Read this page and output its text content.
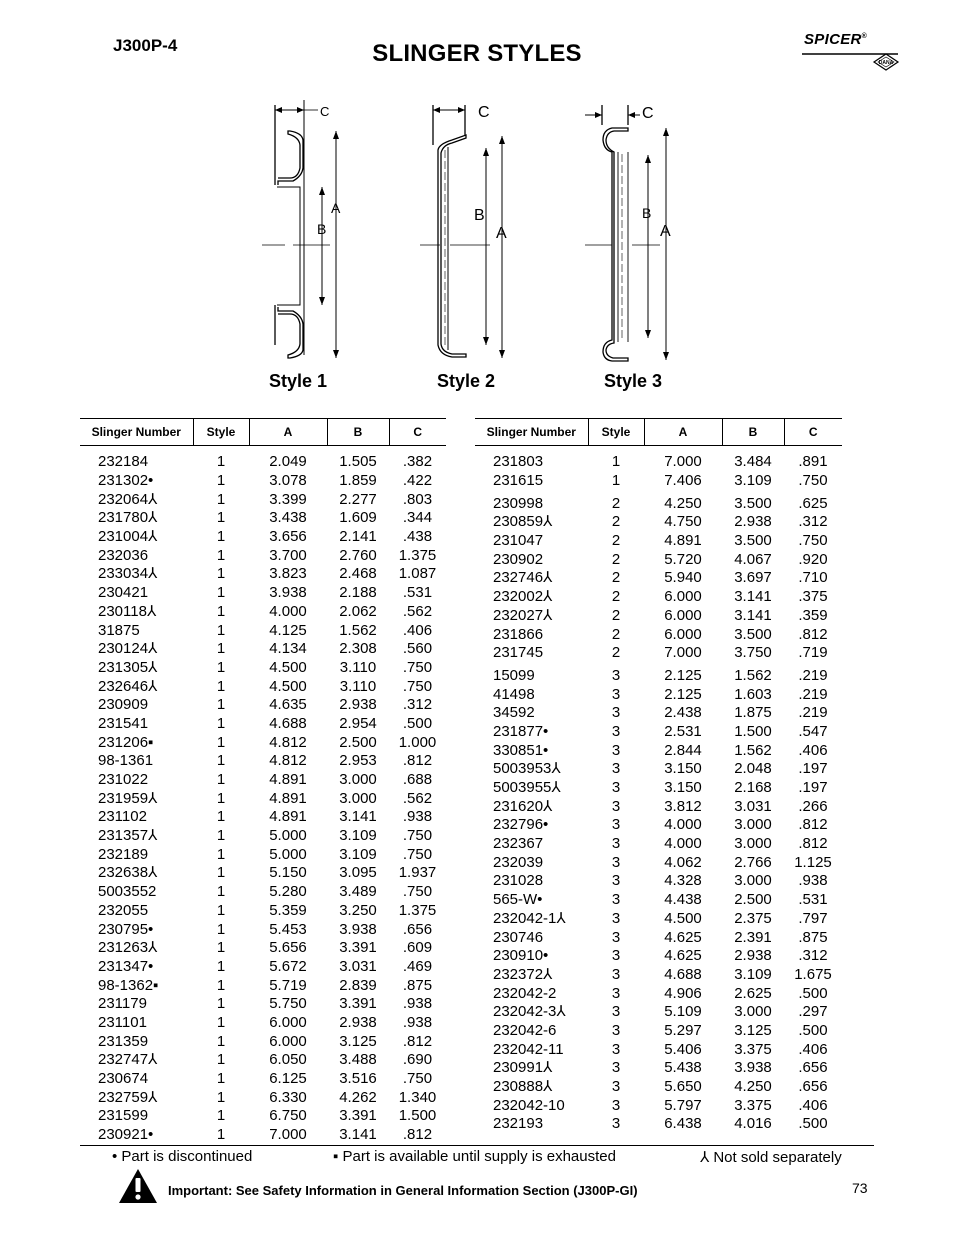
J300P-4	SLINGER STYLES
SPICER®
DANA
C
B
A
C
B
A
C
B
A
Style 1	Style 2	Style 3
Slinger Number	Style	A	B	C
232184	1	2.049	1.505	.382
231302•	1	3.078	1.859	.422
232064⅄	1	3.399	2.277	.803
231780⅄	1	3.438	1.609	.344
231004⅄	1	3.656	2.141	.438
232036	1	3.700	2.760	1.375
233034⅄	1	3.823	2.468	1.087
230421	1	3.938	2.188	.531
230118⅄	1	4.000	2.062	.562
31875	1	4.125	1.562	.406
230124⅄	1	4.134	2.308	.560
231305⅄	1	4.500	3.110	.750
232646⅄	1	4.500	3.110	.750
230909	1	4.635	2.938	.312
231541	1	4.688	2.954	.500
231206▪	1	4.812	2.500	1.000
98-1361	1	4.812	2.953	.812
231022	1	4.891	3.000	.688
231959⅄	1	4.891	3.000	.562
231102	1	4.891	3.141	.938
231357⅄	1	5.000	3.109	.750
232189	1	5.000	3.109	.750
232638⅄	1	5.150	3.095	1.937
5003552	1	5.280	3.489	.750
232055	1	5.359	3.250	1.375
230795•	1	5.453	3.938	.656
231263⅄	1	5.656	3.391	.609
231347•	1	5.672	3.031	.469
98-1362▪	1	5.719	2.839	.875
231179	1	5.750	3.391	.938
231101	1	6.000	2.938	.938
231359	1	6.000	3.125	.812
232747⅄	1	6.050	3.488	.690
230674	1	6.125	3.516	.750
232759⅄	1	6.330	4.262	1.340
231599	1	6.750	3.391	1.500
230921•	1	7.000	3.141	.812
Slinger Number	Style	A	B	C
231803	1	7.000	3.484	.891
231615	1	7.406	3.109	.750
230998	2	4.250	3.500	.625
230859⅄	2	4.750	2.938	.312
231047	2	4.891	3.500	.750
230902	2	5.720	4.067	.920
232746⅄	2	5.940	3.697	.710
232002⅄	2	6.000	3.141	.375
232027⅄	2	6.000	3.141	.359
231866	2	6.000	3.500	.812
231745	2	7.000	3.750	.719
15099	3	2.125	1.562	.219
41498	3	2.125	1.603	.219
34592	3	2.438	1.875	.219
231877•	3	2.531	1.500	.547
330851•	3	2.844	1.562	.406
5003953⅄	3	3.150	2.048	.197
5003955⅄	3	3.150	2.168	.197
231620⅄	3	3.812	3.031	.266
232796•	3	4.000	3.000	.812
232367	3	4.000	3.000	.812
232039	3	4.062	2.766	1.125
231028	3	4.328	3.000	.938
565-W•	3	4.438	2.500	.531
232042-1⅄	3	4.500	2.375	.797
230746	3	4.625	2.391	.875
230910•	3	4.625	2.938	.312
232372⅄	3	4.688	3.109	1.675
232042-2	3	4.906	2.625	.500
232042-3⅄	3	5.109	3.000	.297
232042-6	3	5.297	3.125	.500
232042-11	3	5.406	3.375	.406
230991⅄	3	5.438	3.938	.656
230888⅄	3	5.650	4.250	.656
232042-10	3	5.797	3.375	.406
232193	3	6.438	4.016	.500
• Part is discontinued	▪ Part is available until supply is exhausted	⅄ Not sold separately
Important: See Safety Information in General Information Section (J300P-GI)	73
